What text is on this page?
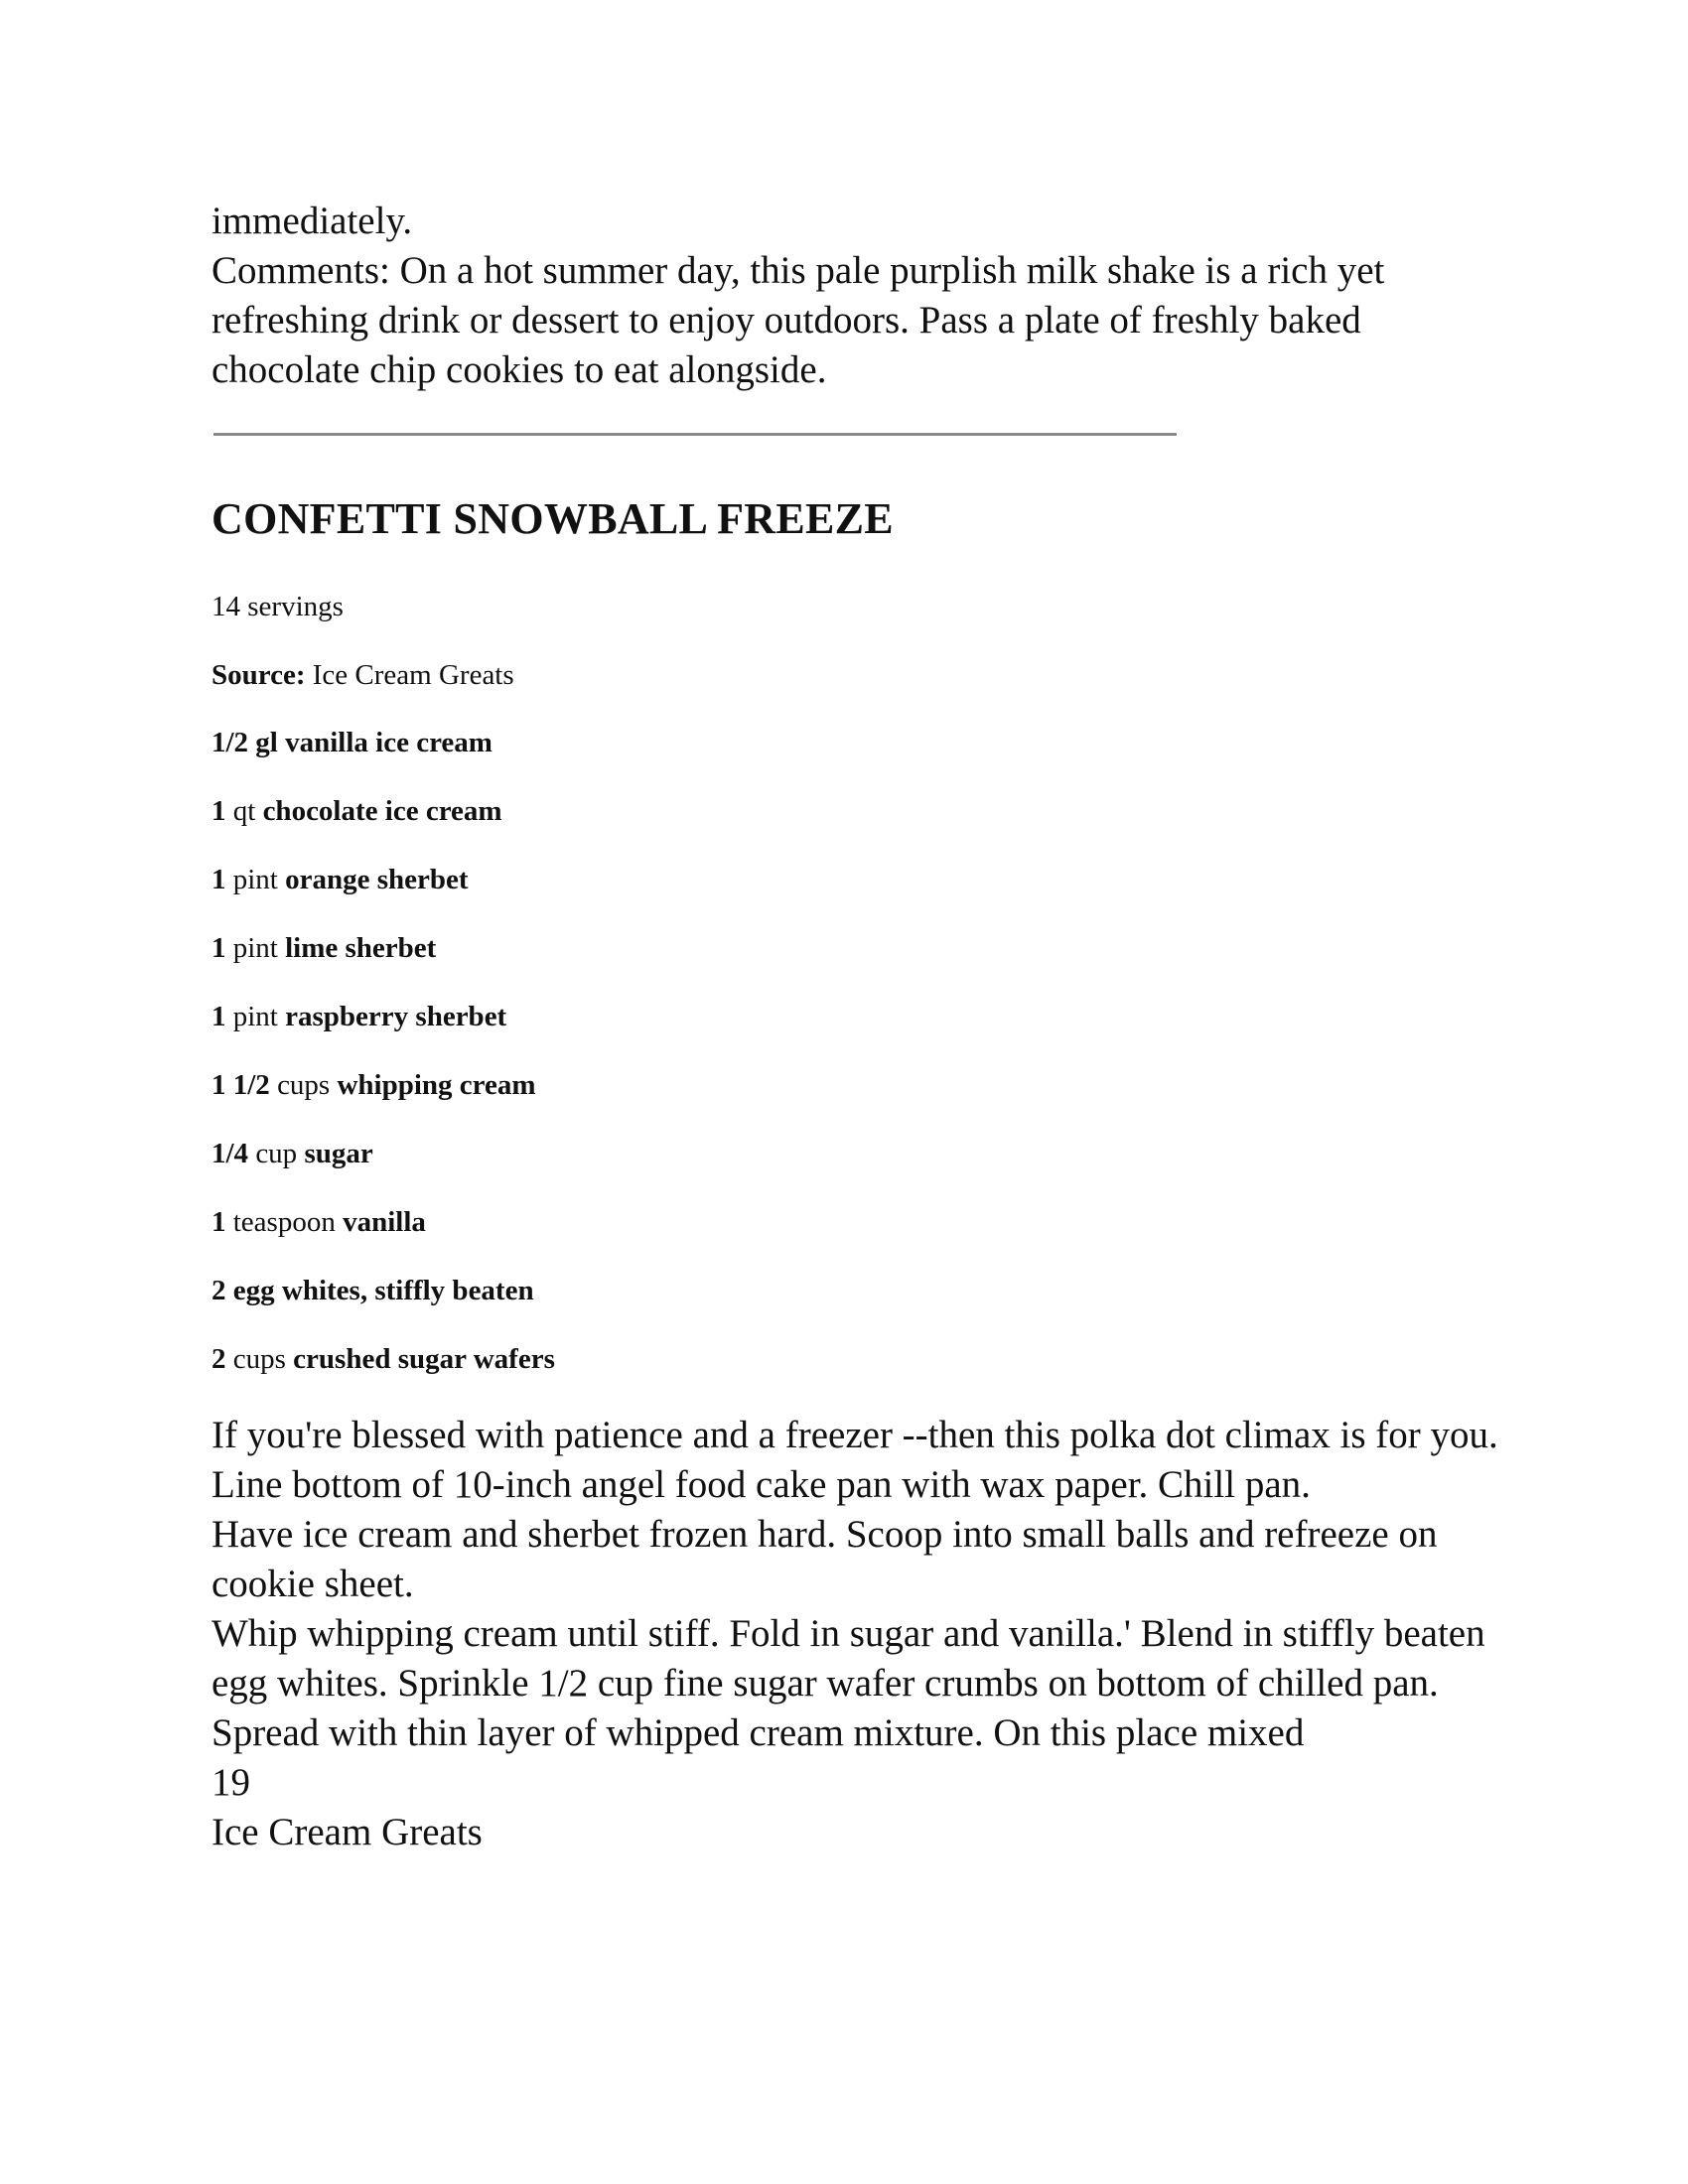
immediately.

Comments: On a hot summer day, this pale purplish milk shake is a rich yet refreshing drink or dessert to enjoy outdoors. Pass a plate of freshly baked chocolate chip cookies to eat alongside.

CONFETTI SNOWBALL FREEZE
14 servings
Source: Ice Cream Greats
1/2 gl vanilla ice cream
1 qt chocolate ice cream
1 pint orange sherbet
1 pint lime sherbet
1 pint raspberry sherbet
1 1/2 cups whipping cream
1/4 cup sugar
1 teaspoon vanilla
2 egg whites, stiffly beaten
2 cups crushed sugar wafers

If you're blessed with patience and a freezer --then this polka dot climax is for you.

Line bottom of 10-inch angel food cake pan with wax paper. Chill pan.

Have ice cream and sherbet frozen hard. Scoop into small balls and refreeze on cookie sheet.

Whip whipping cream until stiff. Fold in sugar and vanilla.' Blend in stiffly beaten egg whites. Sprinkle 1/2 cup fine sugar wafer crumbs on bottom of chilled pan.

Spread with thin layer of whipped cream mixture. On this place mixed

19

Ice Cream Greats
